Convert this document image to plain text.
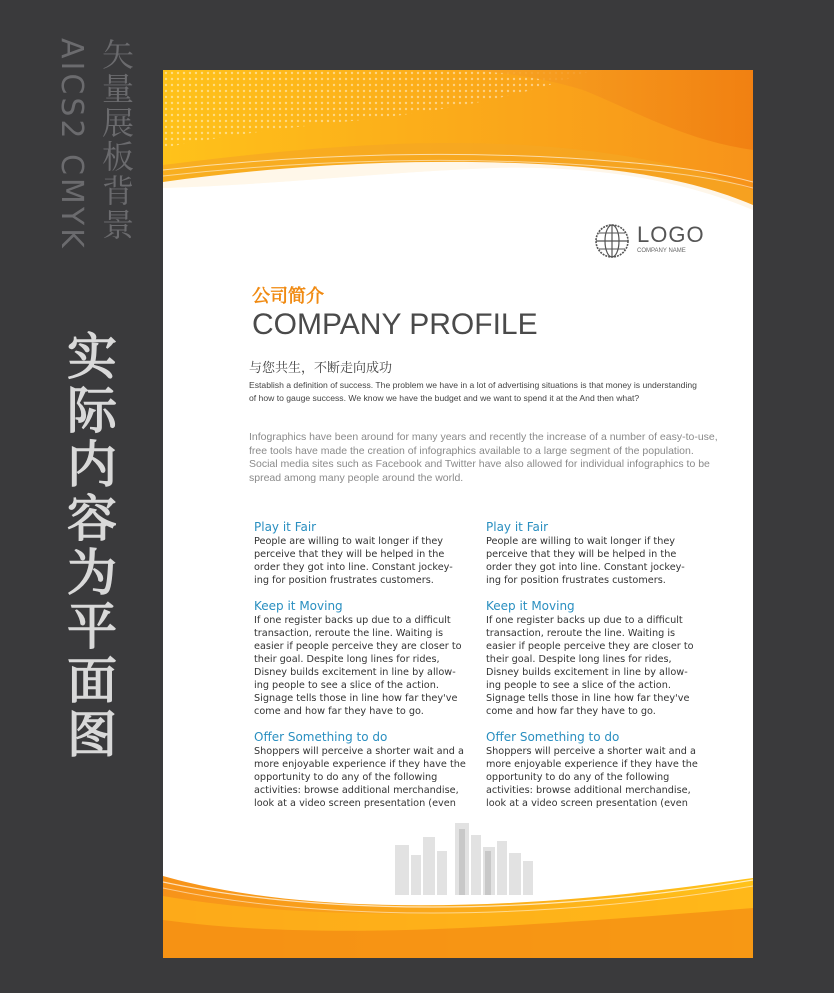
矢量展板背景
AICS2 CMYK
实际内容为平面图
LOGO
COMPANY NAME
公司简介
COMPANY PROFILE
与您共生，不断走向成功
Establish a definition of success. The problem we have in a lot of advertising situations is that money is understanding of how to gauge success. We know we have the budget and we want to spend it at the And then what?
Infographics have been around for many years and recently the increase of a number of easy-to-use, free tools have made the creation of infographics available to a large segment of the population. Social media sites such as Facebook and Twitter have also allowed for individual infographics to be spread among many people around the world.
Play it Fair
People are willing to wait longer if they perceive that they will be helped in the order they got into line. Constant jockey-ing for position frustrates customers.
Keep it Moving
If one register backs up due to a difficult transaction, reroute the line. Waiting is easier if people perceive they are closer to their goal. Despite long lines for rides, Disney builds excitement in line by allow-ing people to see a slice of the action. Signage tells those in line how far they've come and how far they have to go.
Offer Something to do
Shoppers will perceive a shorter wait and a more enjoyable experience if they have the opportunity to do any of the following activities: browse additional merchandise, look at a video screen presentation (even
Play it Fair
People are willing to wait longer if they perceive that they will be helped in the order they got into line. Constant jockey-ing for position frustrates customers.
Keep it Moving
If one register backs up due to a difficult transaction, reroute the line. Waiting is easier if people perceive they are closer to their goal. Despite long lines for rides, Disney builds excitement in line by allow-ing people to see a slice of the action. Signage tells those in line how far they've come and how far they have to go.
Offer Something to do
Shoppers will perceive a shorter wait and a more enjoyable experience if they have the opportunity to do any of the following activities: browse additional merchandise, look at a video screen presentation (even
